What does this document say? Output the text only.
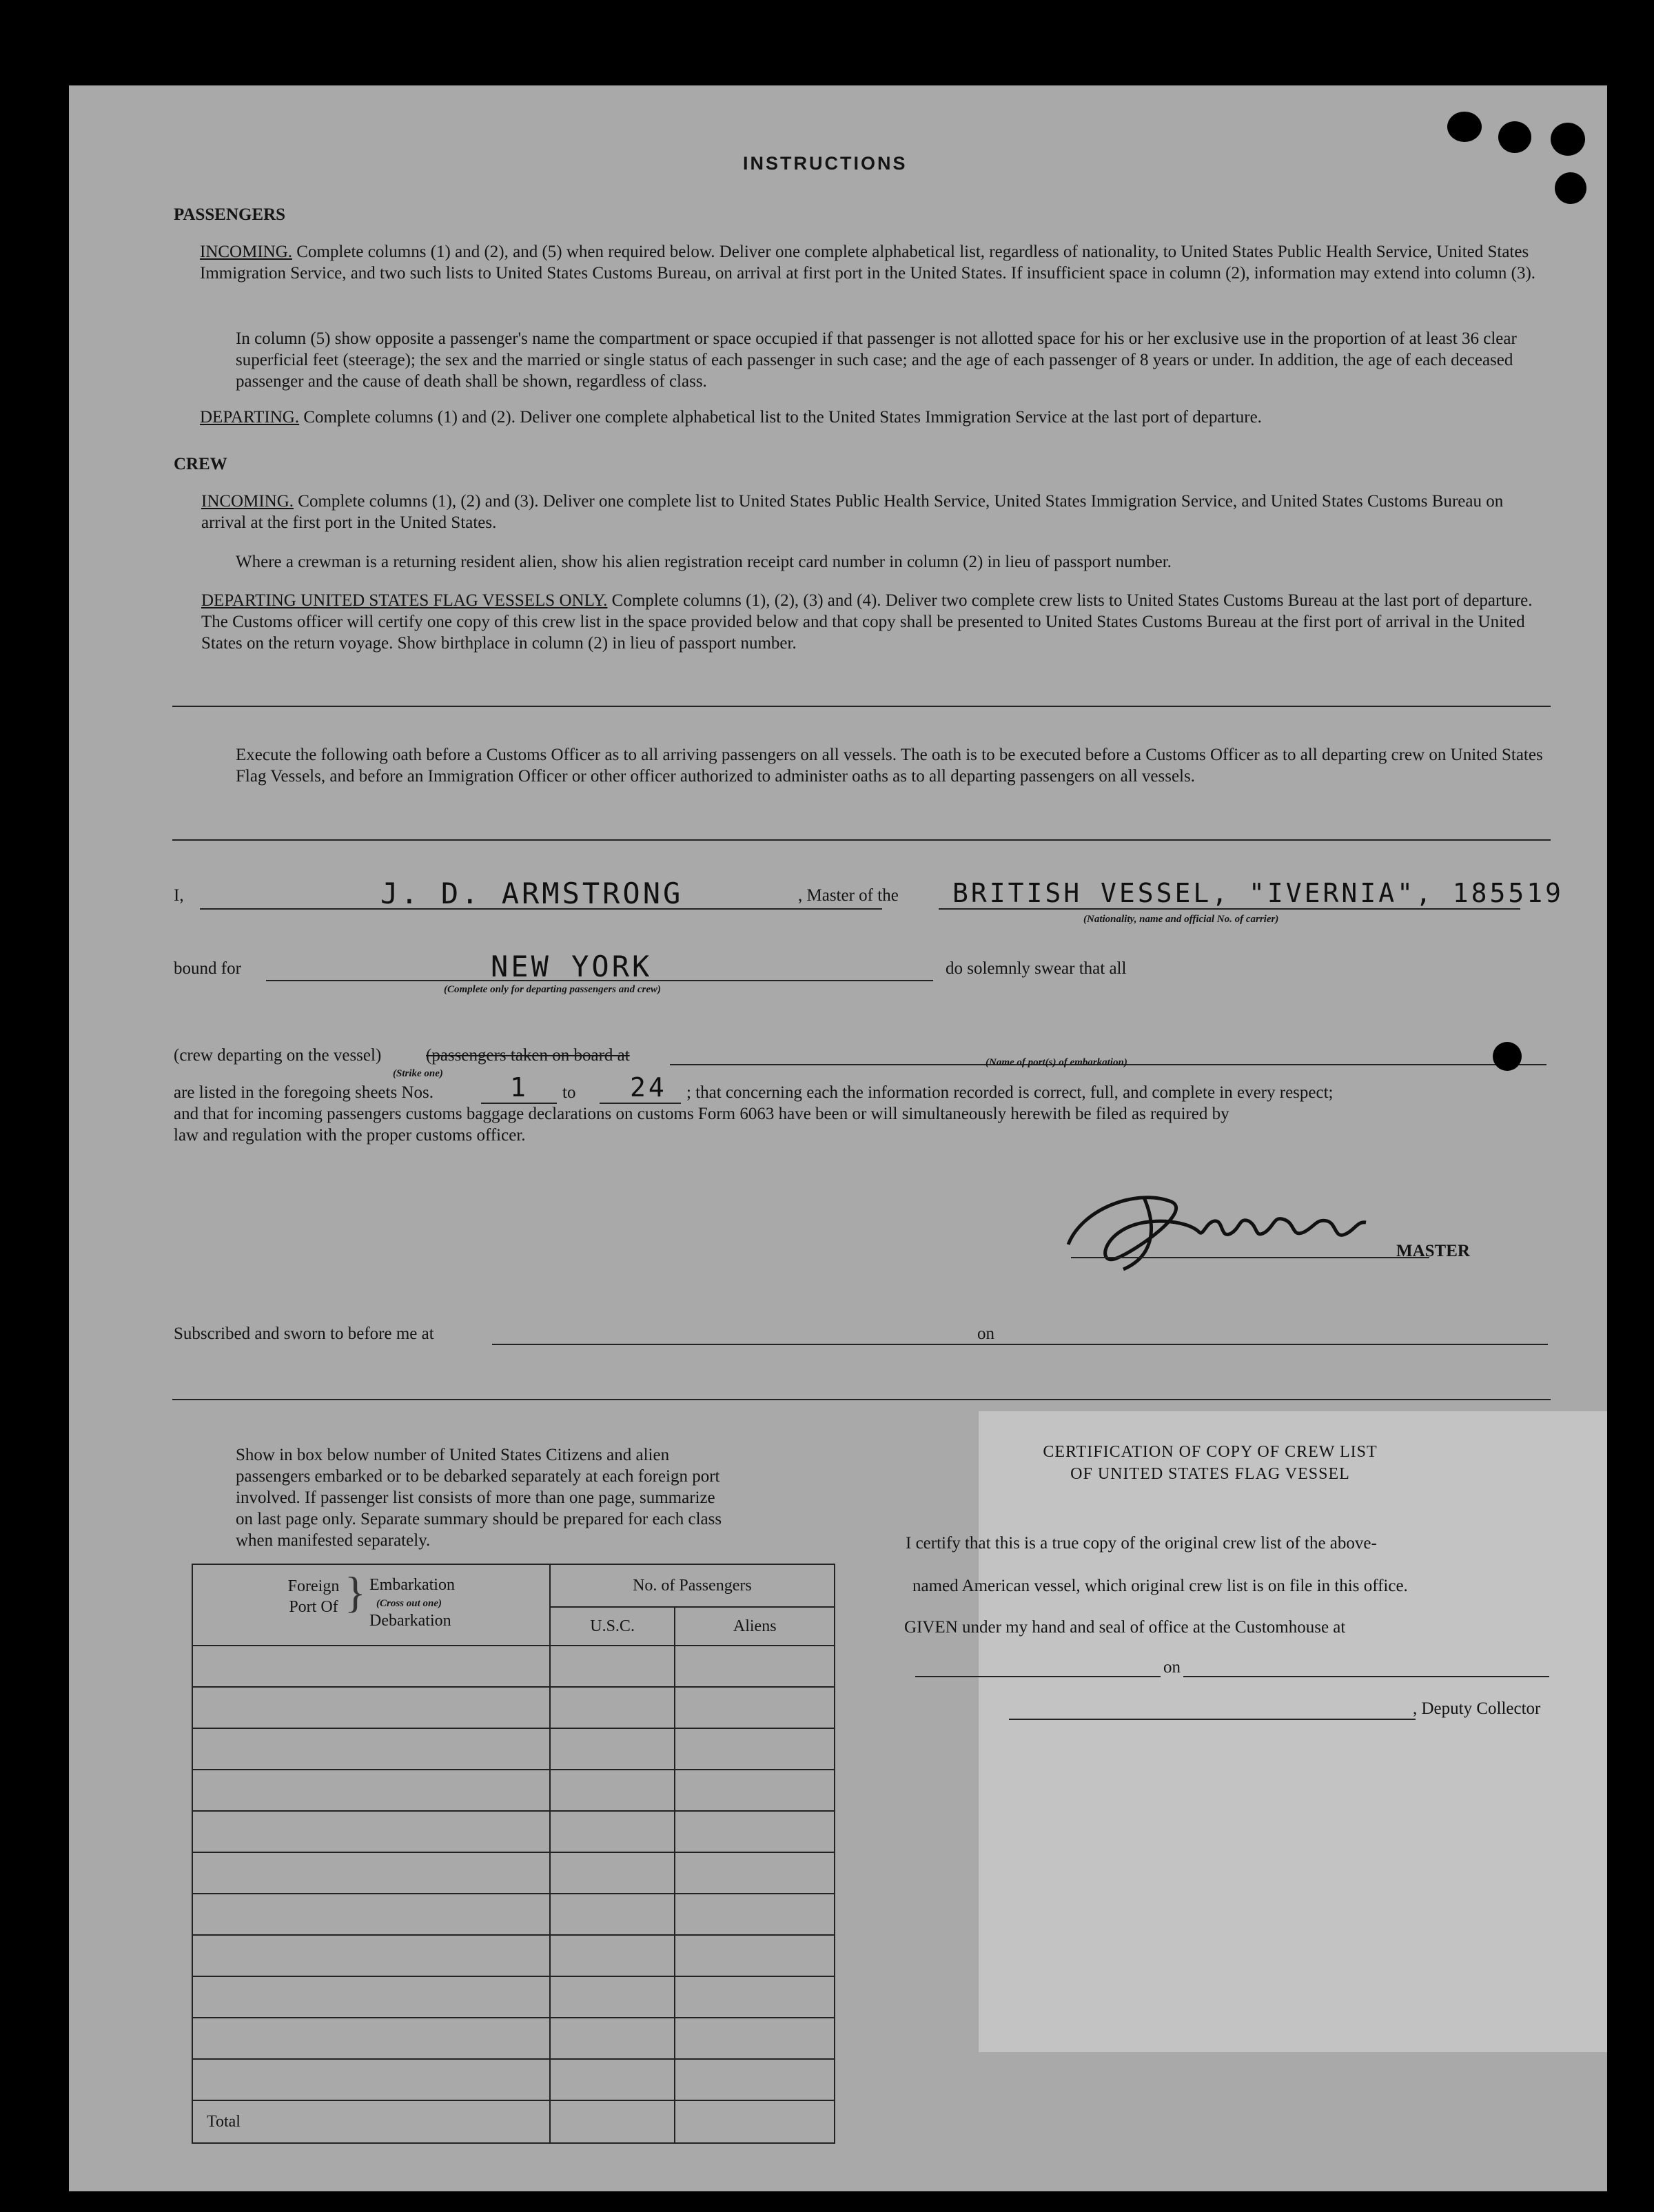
INSTRUCTIONS
PASSENGERS
INCOMING. Complete columns (1) and (2), and (5) when required below. Deliver one complete alphabetical list, regardless of nationality, to United States Public Health Service, United States Immigration Service, and two such lists to United States Customs Bureau, on arrival at first port in the United States. If insufficient space in column (2), information may extend into column (3).
In column (5) show opposite a passenger's name the compartment or space occupied if that passenger is not allotted space for his or her exclusive use in the proportion of at least 36 clear superficial feet (steerage); the sex and the married or single status of each passenger in such case; and the age of each passenger of 8 years or under. In addition, the age of each deceased passenger and the cause of death shall be shown, regardless of class.
DEPARTING. Complete columns (1) and (2). Deliver one complete alphabetical list to the United States Immigration Service at the last port of departure.
CREW
INCOMING. Complete columns (1), (2) and (3). Deliver one complete list to United States Public Health Service, United States Immigration Service, and United States Customs Bureau on arrival at the first port in the United States.
Where a crewman is a returning resident alien, show his alien registration receipt card number in column (2) in lieu of passport number.
DEPARTING UNITED STATES FLAG VESSELS ONLY. Complete columns (1), (2), (3) and (4). Deliver two complete crew lists to United States Customs Bureau at the last port of departure. The Customs officer will certify one copy of this crew list in the space provided below and that copy shall be presented to United States Customs Bureau at the first port of arrival in the United States on the return voyage. Show birthplace in column (2) in lieu of passport number.
Execute the following oath before a Customs Officer as to all arriving passengers on all vessels. The oath is to be executed before a Customs Officer as to all departing crew on United States Flag Vessels, and before an Immigration Officer or other officer authorized to administer oaths as to all departing passengers on all vessels.
I,	J. D. ARMSTRONG	, Master of the BRITISH VESSEL, "IVERNIA", 185519
(Nationality, name and official No. of carrier)
bound for	NEW YORK
(Complete only for departing passengers and crew)
do solemnly swear that all
(crew departing on the vessel)	(passengers taken on board at
(Strike one)
(Name of port(s) of embarkation)
are listed in the foregoing sheets Nos.	to	; that concerning each the information recorded is correct, full, and complete in every respect;
and that for incoming passengers customs baggage declarations on customs Form 6063 have been or will simultaneously herewith be filed as required by
law and regulation with the proper customs officer.
1	24
MASTER
Subscribed and sworn to before me at	on
Show in box below number of United States Citizens and alien passengers embarked or to be debarked separately at each foreign port involved. If passenger list consists of more than one page, summarize on last page only. Separate summary should be prepared for each class when manifested separately.
Foreign Port Of } Embarkation
(Cross out one)
Debarkation	No. of Passengers	
	U.S.C.	Aliens

Total		
CERTIFICATION OF COPY OF CREW LIST
OF UNITED STATES FLAG VESSEL
I certify that this is a true copy of the original crew list of the above-
named American vessel, which original crew list is on file in this office.
GIVEN under my hand and seal of office at the Customhouse at
on
, Deputy Collector
